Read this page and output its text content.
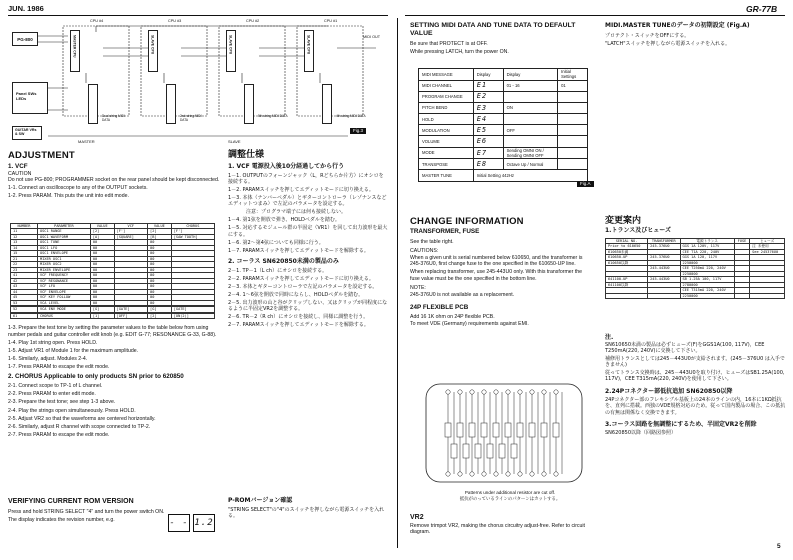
JUN. 1986	GR-77B
CPU #4	CPU #3	CPU #2	CPU #1
PG-800	MASTER CPU	SLAVE CPU	SLAVE CPU	SLAVE CPU
Dual string MIDI DATA
2nd string MIDI DATA
5th string MIDI DATA	4th string MIDI DATA
Panel SWs LEDs
GUITAR VRs & SW
MASTER	SLAVE
MIDI OUT
Fig.3
ADJUSTMENT
1. VCF
CAUTION

Do not use PG-800; PROGRAMMER socket on the rear panel should be kept disconnected.

1-1. Connect an oscilloscope to any of the OUTPUT sockets.

1-2. Press PARAM. This puts the unit into edit mode.

NUMBER	PARAMETER	VALUE	VCF	VALUE	CHORUS
11	OSC1 RANGE	[2]	[F']	[2]	[F']
12	OSC1 WAVEFORM	[A]	[SQUARE]	[B]	[SAW TOOTH]
13	OSC1 TUNE	00		00	
14	OSC1 LFO	00		00	
15	OSC1 ENVELOPE	00		00	
21	MIXER OSC1	00		00	
22	MIXER OSC2	00		00	
23	MIXER ENVELOPE	00		00	
41	VCF FREQUENCY	00		00	
42	VCF RESONANCE	00		00	
43	VCF LFO	00		00	
44	VCF ENVELOPE	00		00	
45	VCF KEY FOLLOW	00		00	
53	VCA LEVEL	00		00	

52	VCA ENV MODE	[G]	[GATE]	[G]	[GATE]

61	CHORUS	[1]	[OFF]	[2]	[ON(2)]

1-3. Prepare the test tone by setting the parameter values to the table below from using number pedals and guitar controller edit knob (e.g. EDIT G-77; RESONANCE G-33, G-88).

1-4. Play 1st string open. Press HOLD.

1-5. Adjust VR1 of Module 1 for the maximum amplitude.

1-6. Similarly, adjust. Modules 2-4.

1-7. Press PARAM to escape the edit mode.

2. CHORUS Applicable to only products SN prior to 620850

2-1. Connect scope to TP-1 of L channel.

2-2. Press PARAM to enter edit mode.

2-3. Prepare the test tone; see step 1-3 above.

2-4. Play the strings open simultaneously. Press HOLD.

2-5. Adjust VR2 so that the waveforms are centered horizontally.

2-6. Similarly, adjust R channel with scope connected to TP-2.

2-7. Press PARAM to escape the edit mode.

VERIFYING CURRENT ROM VERSION

Press and hold STRING SELECT "4" and turn the power switch ON.

The display indicates the revision number, e.g.	- - 1.2
調整仕様
1. VCF 電源投入後10分経過してから行う

1－1. OUTPUTのフォーンジャック（L，Rどちらか片方）にオシロを接続する。

1－2. PARAMスイッチを押してエディットモードに切り換える。

1－3. 本体（ナンバーペダル）とギターコントローラ（レゾナンスなどエディットつまみ）で左記のパラメータを設定する。

注意：プログラマ端子には何も接続しない。

1－4. 第1弦を開放で弾き、HOLDペダルを踏む。

1－5. 対応するモジュール群の半固定（VR1）を回して出力波形を最大にする。

1－6. 第2～第4弦についても同様に行う。

1－7. PARAMスイッチを押してエディットモードを解除する。

2. コーラス SN620850未満の製品のみ

2－1. TP－1（L ch）にオシロを接続する。

2－2. PARAMスイッチを押してエディットモードに切り換える。

2－3. 本体とギターコントローラで左記のパラメータを設定する。

2－4. 1～6弦を開放で同時にならし、HOLDペダルを踏む。

2－5. 出力波形の山と谷がクリップしない、又はクリップが同程度になるように半固定VR2を調整する。

2－6. TR－2（R ch）にオシロを接続し、同様に調整を行う。

2－7. PARAMスイッチを押してエディットモードを解除する。

P-ROMバージョン確認

"STRING SELECT"の"4"のスイッチを押しながら電源スイッチを入れる。

SETTING MIDI DATA AND TUNE DATA TO DEFAULT VALUE

Be sure that PROTECT is at OFF.

While pressing LATCH, turn the power ON.

MIDI.MASTER TUNEのデータの初期設定 (Fig.A)

プロテクト・スイッチをOFFにする。

"LATCH"スイッチを押しながら電源スイッチを入れる。

MIDI MESSAGE	Display	Display	Initial Settings
MIDI CHANNEL	E1	01 - 16	01
PROGRAM CHANGE	E2		
PITCH BEND	E3	ON	
HOLD	E4		
MODULATION	E5	OFF	
VOLUME	E6		
MODE	E7	Sending OMNI ON / Sending OMNI OFF	
TRANSPOSE	E8	Octave Up / Normal	
MASTER TUNE	Initial Setting 442Hz		
Fig.A
CHANGE INFORMATION
TRANSFORMER, FUSE

See the table right.

CAUTIONS:

When a given unit is serial numbered below 610650, and the transformer is 245-376U0, first change fuse to the one specified in the 610650-UP line.

When replacing transformer, use 245-443U0 only. With this transformer the fuse value must be the one specified in the bottom line.

NOTE:

245-376U0 is not available as a replacement.

24P FLEXIBLE PCB

Add 16 1K ohm on 24P flexible PCB.

To meet VDE (Germany) requirements against EMI.

Patterns under additional resistor are cut off.
抵抗がのっているラインのパターンはカットする。
VR2

Remove trimpot VR2, making the chorus circuitry adjust-free. Refer to circuit diagram.

変更案内
1.トランス及びヒューズ
SERIAL NO.	TRANSFORMER	電源トランス	FUSE	ヒューズ
Prior to 610650	245-376U0	GGS 1A 120V, 117V		注 未使用
610650未満		CEE T1A 220, 240V		See 245376U0
610650-UP	245-376U0	GGS 1A 120, 117V		
610650以降		2250000		
	245-443U0	CEE T250mA 220, 240V		
		2250000		
641100-UP	245-443U0	SB 1.25A 100, 117V		
641100以降		2780000		
		CEE T315mA 220, 240V		
		2250000		
注.

SN610650未満の製品は必ずヒューズ(F)をGGS1A(100, 117V)，CEE T250mA(220, 240V)に交換して下さい。

補修用トランスとしては245－443U0が支給されます。(245－376U0 は入手できません)

従ってトランス交換時は、245－443U0を取り付け、ヒューズはSB1.25A(100, 117V)，CEE T315mA(220, 240V)を使用して下さい。

2.24Pコネクター部低抗追加 SN620850以降

24Pコネクター部のフレキシブル基板上の24本のラインの内，16本に1KΩ抵抗を、直列に搭載。西独のVDE規格対応のため。従って国内製品の場合、この抵抗の有無は関係なく交換できます。

3.コーラス回路を無調整にするため、半固定VR2を削除

SN620850以降（回路図参照）

5
